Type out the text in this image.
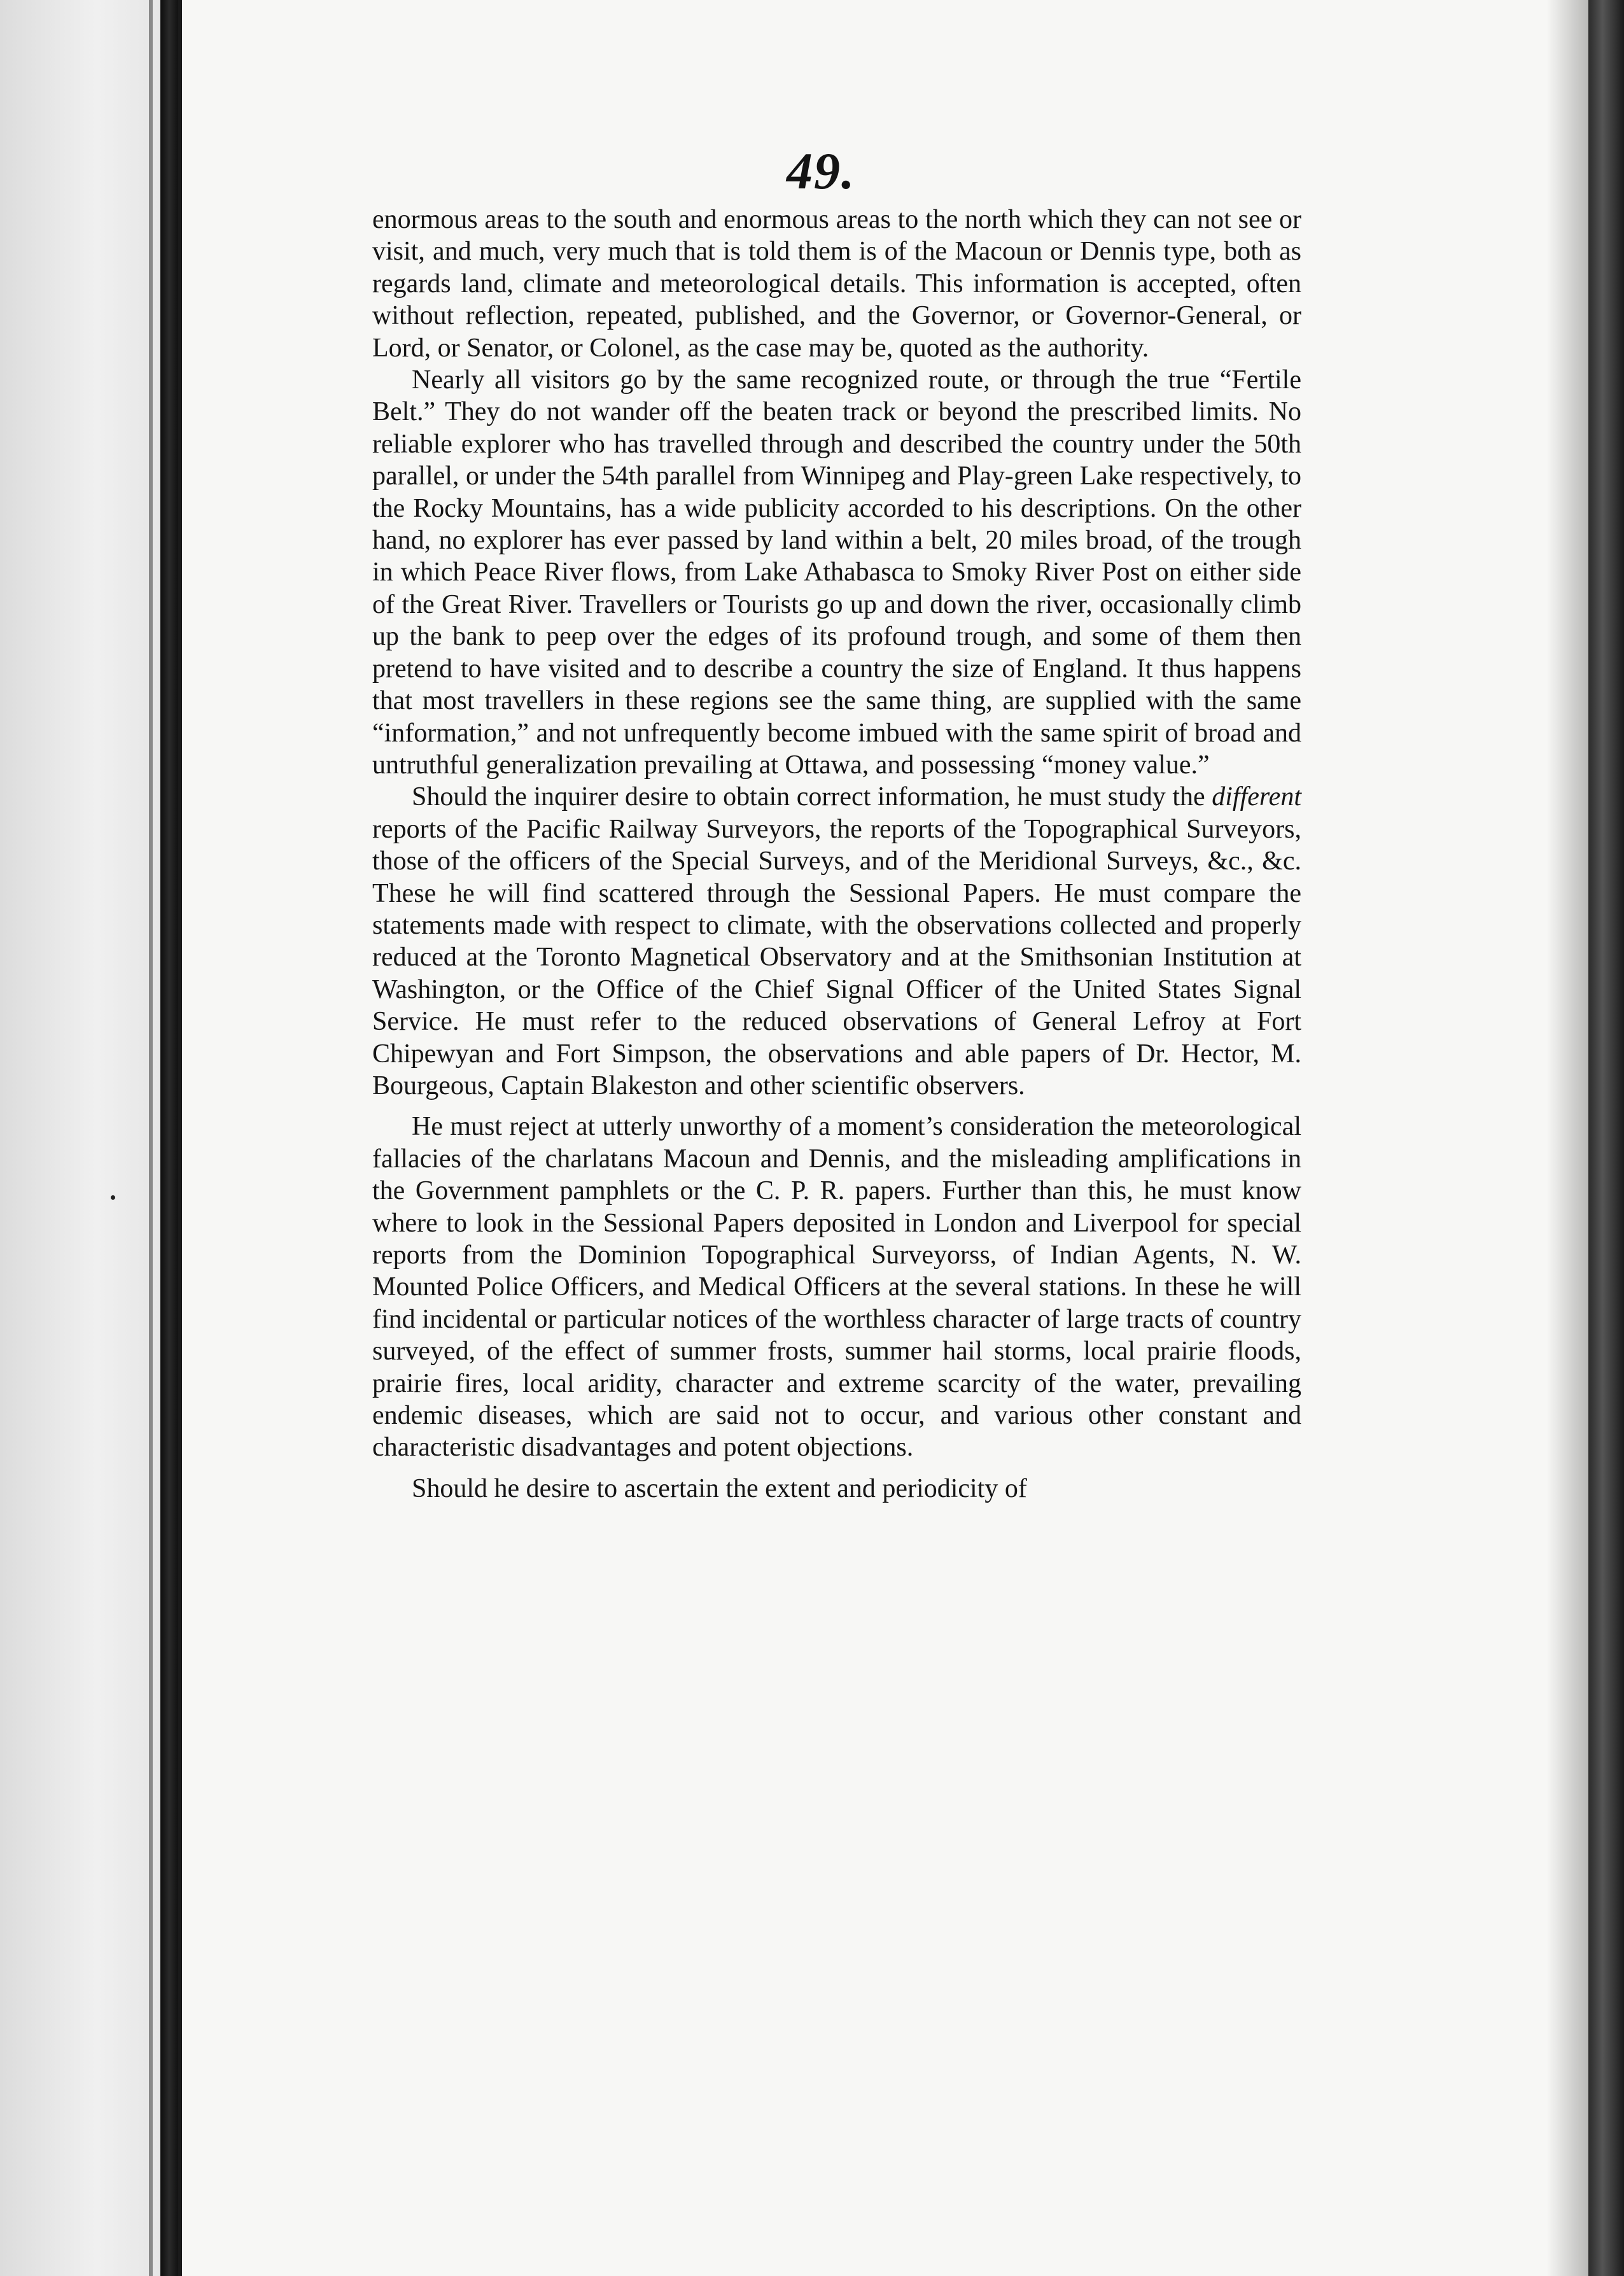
49.

enormous areas to the south and enormous areas to the north which they can not see or visit, and much, very much that is told them is of the Macoun or Dennis type, both as regards land, climate and meteorological details. This information is accepted, often without reflection, repeated, published, and the Governor, or Governor-General, or Lord, or Senator, or Colonel, as the case may be, quoted as the authority.

Nearly all visitors go by the same recognized route, or through the true “Fertile Belt.” They do not wander off the beaten track or beyond the prescribed limits. No reliable explorer who has travelled through and described the country under the 50th parallel, or under the 54th parallel from Winnipeg and Play-green Lake respectively, to the Rocky Mountains, has a wide publicity accorded to his descriptions. On the other hand, no explorer has ever passed by land within a belt, 20 miles broad, of the trough in which Peace River flows, from Lake Athabasca to Smoky River Post on either side of the Great River. Travellers or Tourists go up and down the river, occasionally climb up the bank to peep over the edges of its profound trough, and some of them then pretend to have visited and to describe a country the size of England. It thus happens that most travellers in these regions see the same thing, are supplied with the same “information,” and not unfrequently become imbued with the same spirit of broad and untruthful generalization prevailing at Ottawa, and possessing “money value.”

Should the inquirer desire to obtain correct information, he must study the different reports of the Pacific Railway Surveyors, the reports of the Topographical Surveyors, those of the officers of the Special Surveys, and of the Meridional Surveys, &c., &c. These he will find scattered through the Sessional Papers. He must compare the statements made with respect to climate, with the observations collected and properly reduced at the Toronto Magnetical Observatory and at the Smithsonian Institution at Washington, or the Office of the Chief Signal Officer of the United States Signal Service. He must refer to the reduced observations of General Lefroy at Fort Chipewyan and Fort Simpson, the observations and able papers of Dr. Hector, M. Bourgeous, Captain Blakeston and other scientific observers.

He must reject at utterly unworthy of a moment’s consideration the meteorological fallacies of the charlatans Macoun and Dennis, and the misleading amplifications in the Government pamphlets or the C. P. R. papers. Further than this, he must know where to look in the Sessional Papers deposited in London and Liverpool for special reports from the Dominion Topographical Surveyorss, of Indian Agents, N. W. Mounted Police Officers, and Medical Officers at the several stations. In these he will find incidental or particular notices of the worthless character of large tracts of country surveyed, of the effect of summer frosts, summer hail storms, local prairie floods, prairie fires, local aridity, character and extreme scarcity of the water, prevailing endemic diseases, which are said not to occur, and various other constant and characteristic disadvantages and potent objections.

Should he desire to ascertain the extent and periodicity of
